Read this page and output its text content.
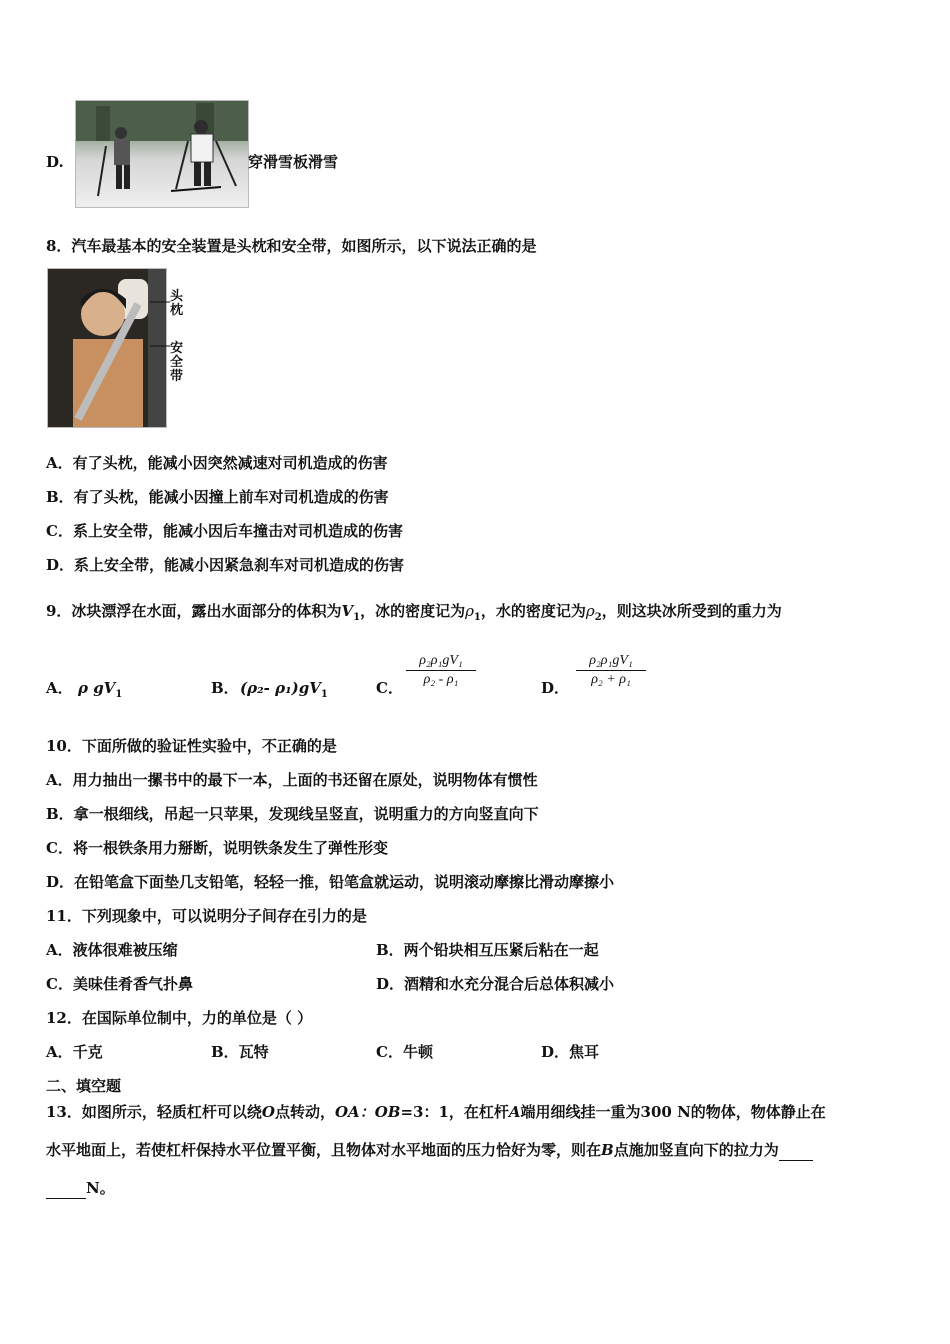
D.	穿滑雪板滑雪
8．汽车最基本的安全装置是头枕和安全带，如图所示，以下说法正确的是
头
枕
安
全
带
A．有了头枕，能减小因突然减速对司机造成的伤害
B．有了头枕，能减小因撞上前车对司机造成的伤害
C．系上安全带，能减小因后车撞击对司机造成的伤害
D．系上安全带，能减小因紧急刹车对司机造成的伤害
9．冰块漂浮在水面，露出水面部分的体积为$V_1$，冰的密度记为$\rho_1$，水的密度记为$\rho_2$，则这块冰所受到的重力为
A． ρ $gV_1$	B． (ρ₂- $\rho_1)gV_1$	C． $\frac{\text{ρ₂ρ₁gV₁}}{\text{ρ₂ - ρ₁}}$	D． $\frac{\text{ρ₂ρ₁gV₁}}{\text{ρ₂ + ρ₁}}$
10．下面所做的验证性实验中，不正确的是
A．用力抽出一摞书中的最下一本，上面的书还留在原处，说明物体有惯性
B．拿一根细线，吊起一只苹果，发现线呈竖直，说明重力的方向竖直向下
C．将一根铁条用力掰断，说明铁条发生了弹性形变
D．在铅笔盒下面垫几支铅笔，轻轻一推，铅笔盒就运动，说明滚动摩擦比滑动摩擦小
11．下列现象中，可以说明分子间存在引力的是
A．液体很难被压缩	B．两个铅块相互压紧后粘在一起
C．美味佳肴香气扑鼻	D．酒精和水充分混合后总体积减小
12．在国际单位制中，力的单位是（ ）
A．千克	B．瓦特	C．牛顿	D．焦耳
二、填空题
13．如图所示，轻质杠杆可以绕O点转动，OA：OB=3：1，在杠杆A端用细线挂一重为300 N的物体，物体静止在
水平地面上，若使杠杆保持水平位置平衡，且物体对水平地面的压力恰好为零，则在B点施加竖直向下的拉力为
N。
